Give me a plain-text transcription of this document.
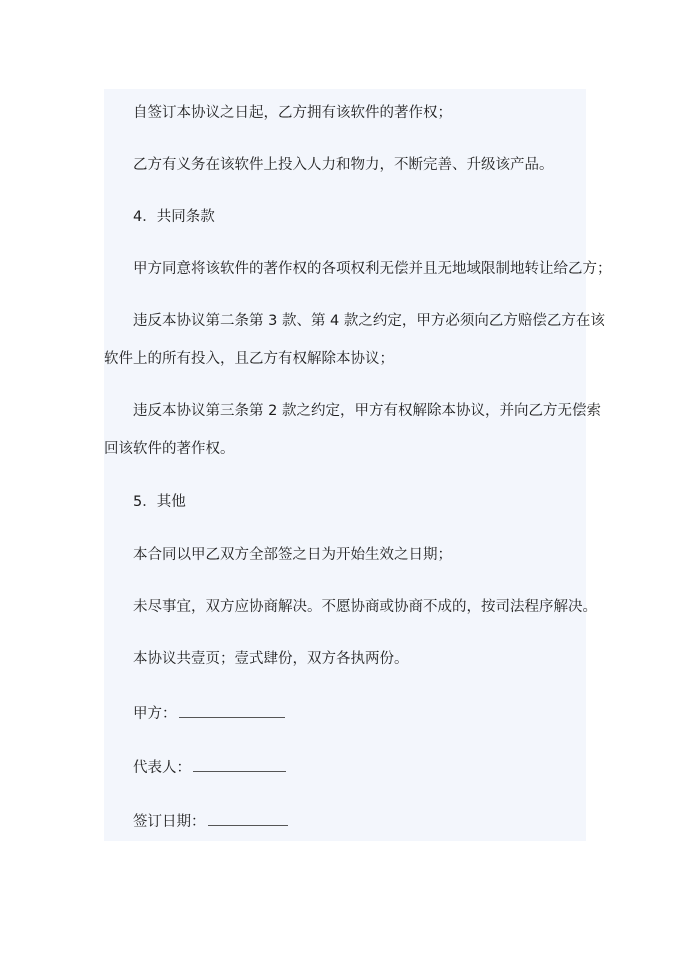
自签订本协议之日起，乙方拥有该软件的著作权；

乙方有义务在该软件上投入人力和物力，不断完善、升级该产品。

4．共同条款

甲方同意将该软件的著作权的各项权利无偿并且无地域限制地转让给乙方；

违反本协议第二条第 3 款、第 4 款之约定，甲方必须向乙方赔偿乙方在该
软件上的所有投入，且乙方有权解除本协议；

违反本协议第三条第 2 款之约定，甲方有权解除本协议，并向乙方无偿索
回该软件的著作权。

5．其他

本合同以甲乙双方全部签之日为开始生效之日期；

未尽事宜，双方应协商解决。不愿协商或协商不成的，按司法程序解决。

本协议共壹页；壹式肆份，双方各执两份。

甲方：

代表人：

签订日期：
